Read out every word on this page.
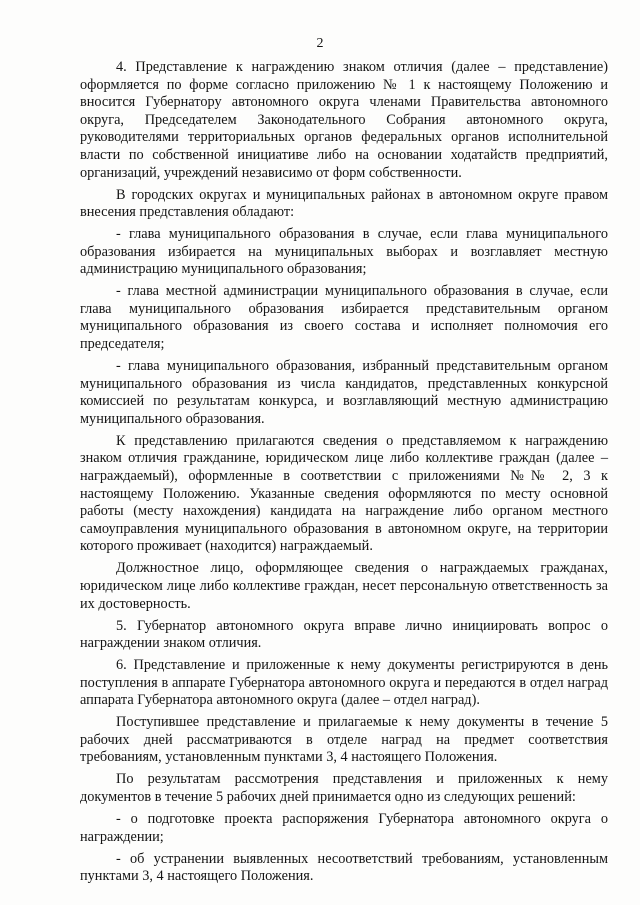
2

4. Представление к награждению знаком отличия (далее – представление) оформляется по форме согласно приложению № 1 к настоящему Положению и вносится Губернатору автономного округа членами Правительства автономного округа, Председателем Законодательного Собрания автономного округа, руководителями территориальных органов федеральных органов исполнительной власти по собственной инициативе либо на основании ходатайств предприятий, организаций, учреждений независимо от форм собственности.

В городских округах и муниципальных районах в автономном округе правом внесения представления обладают:

- глава муниципального образования в случае, если глава муниципального образования избирается на муниципальных выборах и возглавляет местную администрацию муниципального образования;

- глава местной администрации муниципального образования в случае, если глава муниципального образования избирается представительным органом муниципального образования из своего состава и исполняет полномочия его председателя;

- глава муниципального образования, избранный представительным органом муниципального образования из числа кандидатов, представленных конкурсной комиссией по результатам конкурса, и возглавляющий местную администрацию муниципального образования.

К представлению прилагаются сведения о представляемом к награждению знаком отличия гражданине, юридическом лице либо коллективе граждан (далее – награждаемый), оформленные в соответствии с приложениями №№ 2, 3 к настоящему Положению. Указанные сведения оформляются по месту основной работы (месту нахождения) кандидата на награждение либо органом местного самоуправления муниципального образования в автономном округе, на территории которого проживает (находится) награждаемый.

Должностное лицо, оформляющее сведения о награждаемых гражданах, юридическом лице либо коллективе граждан, несет персональную ответственность за их достоверность.

5. Губернатор автономного округа вправе лично инициировать вопрос о награждении знаком отличия.

6. Представление и приложенные к нему документы регистрируются в день поступления в аппарате Губернатора автономного округа и передаются в отдел наград аппарата Губернатора автономного округа (далее – отдел наград).

Поступившее представление и прилагаемые к нему документы в течение 5 рабочих дней рассматриваются в отделе наград на предмет соответствия требованиям, установленным пунктами 3, 4 настоящего Положения.

По результатам рассмотрения представления и приложенных к нему документов в течение 5 рабочих дней принимается одно из следующих решений:

- о подготовке проекта распоряжения Губернатора автономного округа о награждении;

- об устранении выявленных несоответствий требованиям, установленным пунктами 3, 4 настоящего Положения.
